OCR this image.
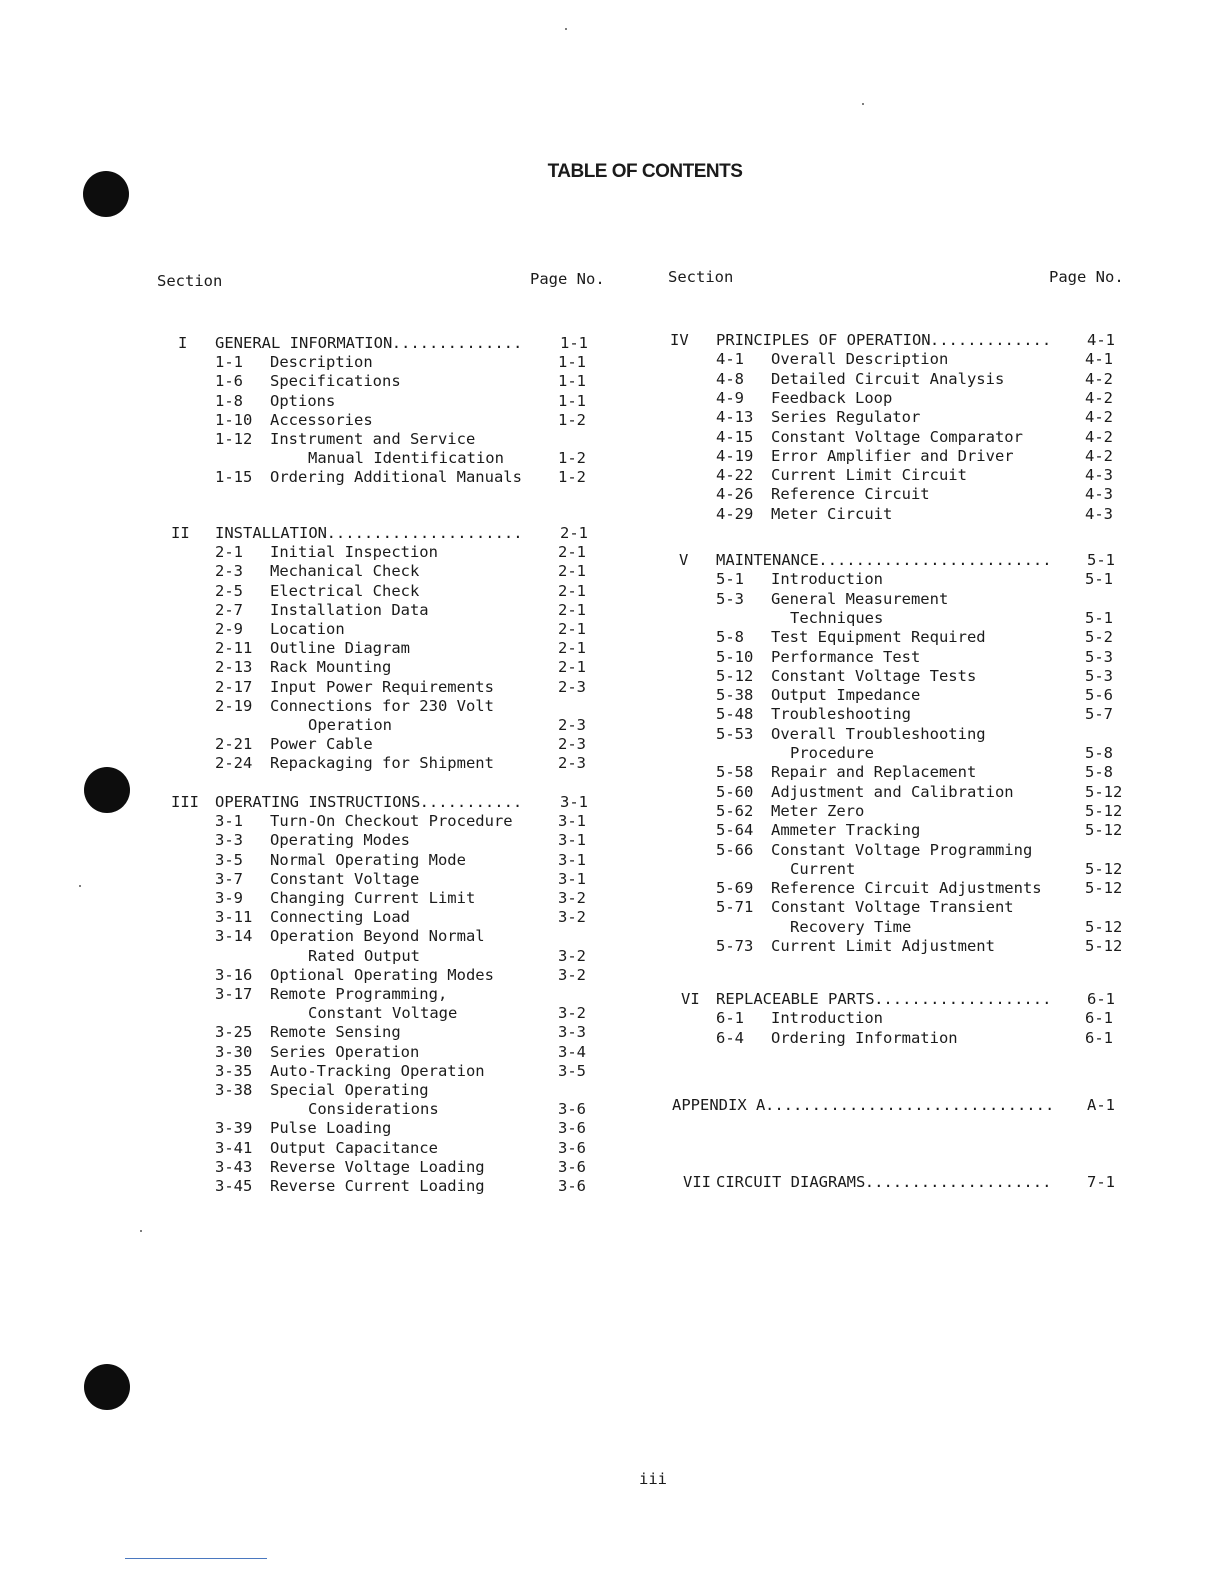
TABLE OF CONTENTS
Section	Page No.	Section	Page No.
I GENERAL INFORMATION .............. 1-1
1-1 Description	1-1
1-6 Specifications	1-1
1-8 Options	1-1
1-10 Accessories	1-2
1-12 Instrument and Service
Manual Identification	1-2
1-15 Ordering Additional Manuals 1-2
II INSTALLATION ..................... 2-1
2-1 Initial Inspection	2-1
2-3 Mechanical Check	2-1
2-5 Electrical Check	2-1
2-7 Installation Data	2-1
2-9 Location	2-1
2-11 Outline Diagram	2-1
2-13 Rack Mounting	2-1
2-17 Input Power Requirements	2-3
2-19 Connections for 230 Volt
Operation	2-3
2-21 Power Cable	2-3
2-24 Repackaging for Shipment	2-3
III OPERATING INSTRUCTIONS ........... 3-1
3-1 Turn-On Checkout Procedure	3-1
3-3 Operating Modes	3-1
3-5 Normal Operating Mode	3-1
3-7 Constant Voltage	3-1
3-9 Changing Current Limit	3-2
3-11 Connecting Load	3-2
3-14 Operation Beyond Normal
Rated Output	3-2
3-16 Optional Operating Modes	3-2
3-17 Remote Programming,
Constant Voltage	3-2
3-25 Remote Sensing	3-3
3-30 Series Operation	3-4
3-35 Auto-Tracking Operation	3-5
3-38 Special Operating
Considerations	3-6
3-39 Pulse Loading	3-6
3-41 Output Capacitance	3-6
3-43 Reverse Voltage Loading	3-6
3-45 Reverse Current Loading	3-6
IV PRINCIPLES OF OPERATION ............. 4-1
4-1 Overall Description	4-1
4-8 Detailed Circuit Analysis	4-2
4-9 Feedback Loop	4-2
4-13 Series Regulator	4-2
4-15 Constant Voltage Comparator	4-2
4-19 Error Amplifier and Driver	4-2
4-22 Current Limit Circuit	4-3
4-26 Reference Circuit	4-3
4-29 Meter Circuit	4-3
V MAINTENANCE ......................... 5-1
5-1 Introduction	5-1
5-3 General Measurement
Techniques	5-1
5-8 Test Equipment Required	5-2
5-10 Performance Test	5-3
5-12 Constant Voltage Tests	5-3
5-38 Output Impedance	5-6
5-48 Troubleshooting	5-7
5-53 Overall Troubleshooting
Procedure	5-8
5-58 Repair and Replacement	5-8
5-60 Adjustment and Calibration	5-12
5-62 Meter Zero	5-12
5-64 Ammeter Tracking	5-12
5-66 Constant Voltage Programming
Current	5-12
5-69 Reference Circuit Adjustments	5-12
5-71 Constant Voltage Transient
Recovery Time	5-12
5-73 Current Limit Adjustment	5-12
VI REPLACEABLE PARTS ................... 6-1
6-1 Introduction	6-1
6-4 Ordering Information	6-1
APPENDIX A ............................... A-1
VII CIRCUIT DIAGRAMS .................... 7-1
iii
